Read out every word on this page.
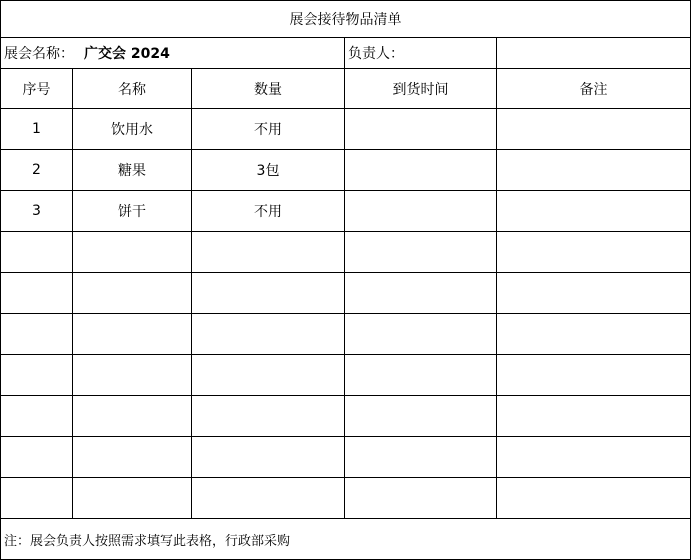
展会接待物品清单				
展会名称： 广交会 2024			负责人：	
序号	名称	数量	到货时间	备注
1	饮用水	不用		
2	糖果	3包		
3	饼干	不用		

注：展会负责人按照需求填写此表格，行政部采购				
